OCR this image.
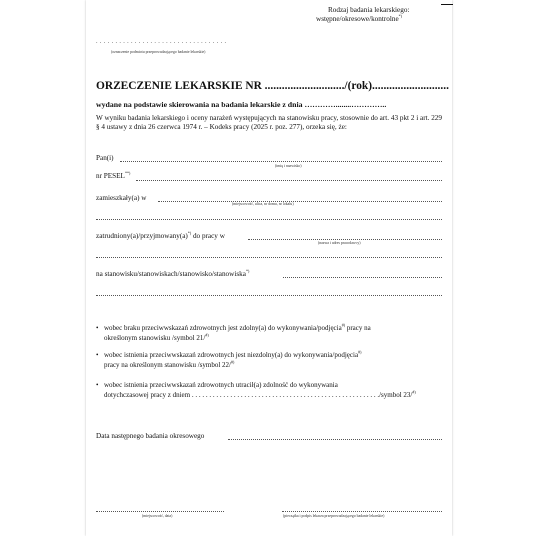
Rodzaj badania lekarskiego:
wstępne/okresowe/kontrolne*)
. . . . . . . . . . . . . . . . . . . . . . . . . . . . . . . . . .
(oznaczenie podmiotu przeprowadzającego badanie lekarskie)
ORZECZENIE LEKARSKIE NR ............................/(rok)...........................
wydane na podstawie skierowania na badania lekarskie z dnia …………........…………..
W wyniku badania lekarskiego i oceny narażeń występujących na stanowisku pracy, stosownie do art. 43 pkt 2 i art. 229 § 4 ustawy z dnia 26 czerwca 1974 r. – Kodeks pracy (2025 r. poz. 277), orzeka się, że:
Pan(i)
(imię i nazwisko)
nr PESEL**)
zamieszkały(a) w
(miejscowość, ulica, nr domu, nr lokalu)
zatrudniony(a)/przyjmowany(a)*) do pracy w
(nazwa i adres pracodawcy)
na stanowisku/stanowiskach/stanowisko/stanowiska*)
• wobec braku przeciwwskazań zdrowotnych jest zdolny(a) do wykonywania/podjęcia#) pracy na
określonym stanowisku /symbol 21/#)
• wobec istnienia przeciwwskazań zdrowotnych jest niezdolny(a) do wykonywania/podjęcia#)
pracy na określonym stanowisku /symbol 22/#)
• wobec istnienia przeciwwskazań zdrowotnych utracił(a) zdolność do wykonywania
dotychczasowej pracy z dniem . . . . . . . . . . . . . . . . . . . . . . . . . . . . . . . . . . . . . . . . . . . . . . . . . . . . . ./symbol 23/#)
Data następnego badania okresowego
(miejscowość, data)	(pieczątka i podpis lekarza przeprowadzającego badanie lekarskie)
